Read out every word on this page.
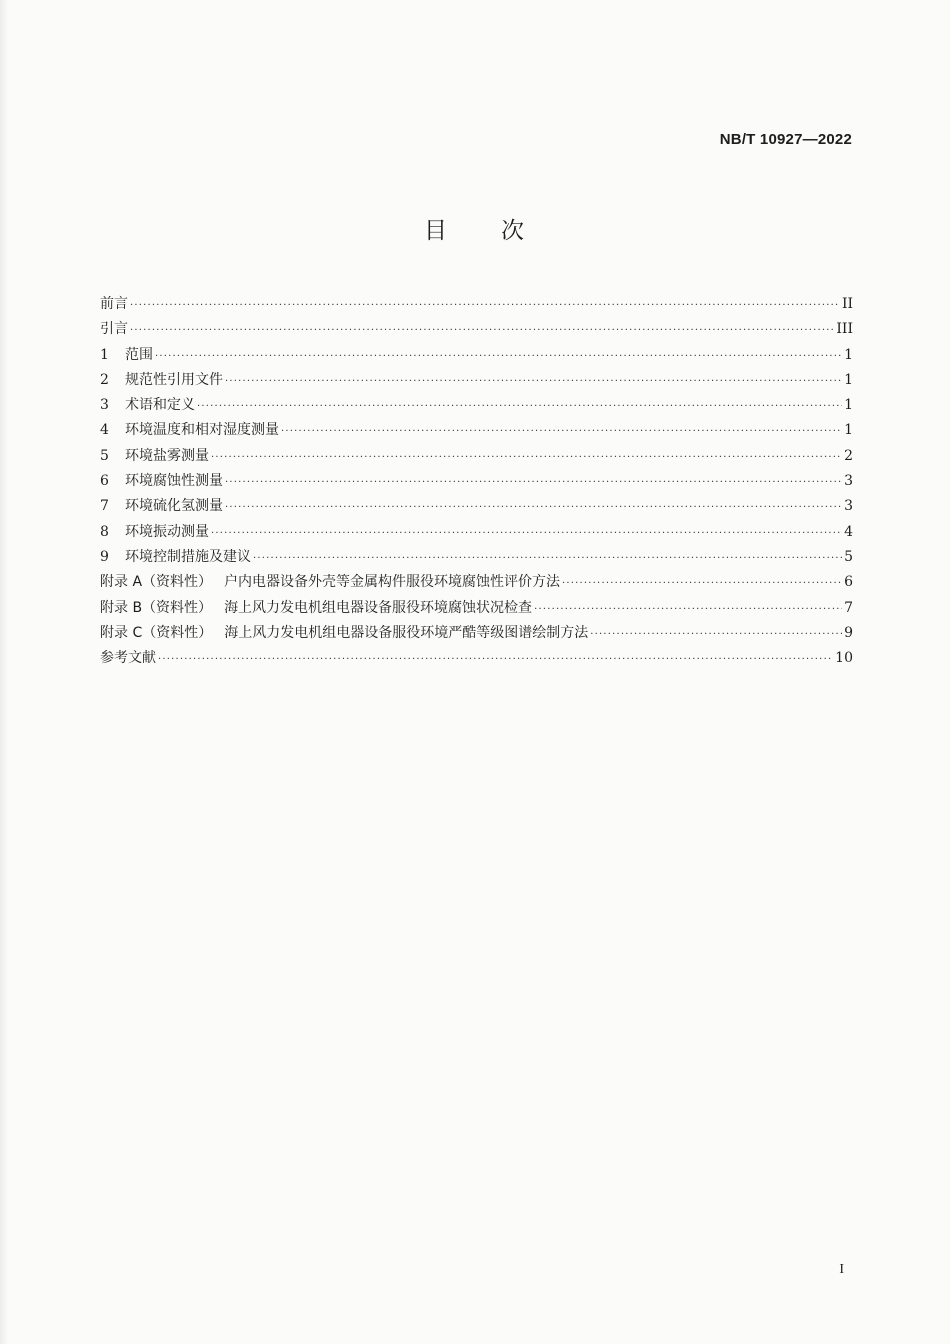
NB/T 10927—2022
目 次
前言 ·····	II
引言 ·····	III
1	范围 ·····	1
2	规范性引用文件 ·····	1
3	术语和定义 ·····	1
4	环境温度和相对湿度测量 ·····	1
5	环境盐雾测量 ·····	2
6	环境腐蚀性测量 ·····	3
7	环境硫化氢测量 ·····	3
8	环境振动测量 ·····	4
9	环境控制措施及建议 ·····	5
附录 A（资料性） 户内电器设备外壳等金属构件服役环境腐蚀性评价方法 ·····	6
附录 B（资料性） 海上风力发电机组电器设备服役环境腐蚀状况检查 ·····	7
附录 C（资料性） 海上风力发电机组电器设备服役环境严酷等级图谱绘制方法 ·····	9
参考文献 ·····	10
I
